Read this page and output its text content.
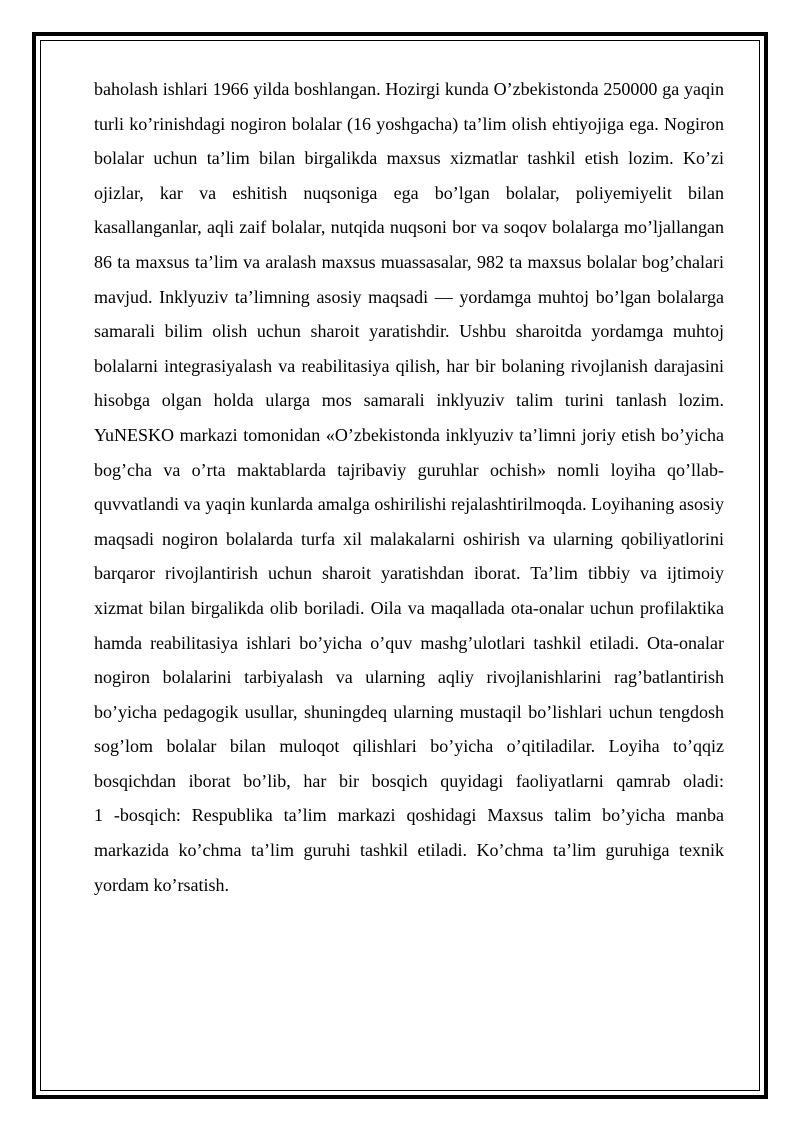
baholash ishlari 1966 yilda boshlangan. Hozirgi kunda O’zbekistonda 250000 ga yaqin turli ko’rinishdagi nogiron bolalar (16 yoshgacha) ta’lim olish ehtiyojiga ega. Nogiron bolalar uchun ta’lim bilan birgalikda maxsus xizmatlar tashkil etish lozim. Ko’zi ojizlar, kar va eshitish nuqsoniga ega bo’lgan bolalar, poliyemiyelit bilan kasallanganlar, aqli zaif bolalar, nutqida nuqsoni bor va soqov bolalarga mo’ljallangan 86 ta maxsus ta’lim va aralash maxsus muassasalar, 982 ta maxsus bolalar bog’chalari mavjud. Inklyuziv ta’limning asosiy maqsadi — yordamga muhtoj bo’lgan bolalarga samarali bilim olish uchun sharoit yaratishdir. Ushbu sharoitda yordamga muhtoj bolalarni integrasiyalash va reabilitasiya qilish, har bir bolaning rivojlanish darajasini hisobga olgan holda ularga mos samarali inklyuziv talim turini tanlash lozim. YuNESKO markazi tomonidan «O’zbekistonda inklyuziv ta’limni joriy etish bo’yicha bog’cha va o’rta maktablarda tajribaviy guruhlar ochish» nomli loyiha qo’llab-quvvatlandi va yaqin kunlarda amalga oshirilishi rejalashtirilmoqda. Loyihaning asosiy maqsadi nogiron bolalarda turfa xil malakalarni oshirish va ularning qobiliyatlorini barqaror rivojlantirish uchun sharoit yaratishdan iborat. Ta’lim tibbiy va ijtimoiy xizmat bilan birgalikda olib boriladi. Oila va maqallada ota-onalar uchun profilaktika hamda reabilitasiya ishlari bo’yicha o’quv mashg’ulotlari tashkil etiladi. Ota-onalar nogiron bolalarini tarbiyalash va ularning aqliy rivojlanishlarini rag’batlantirish bo’yicha pedagogik usullar, shuningdeq ularning mustaqil bo’lishlari uchun tengdosh sog’lom bolalar bilan muloqot qilishlari bo’yicha o’qitiladilar. Loyiha to’qqiz bosqichdan iborat bo’lib, har bir bosqich quyidagi faoliyatlarni qamrab oladi:

1 -bosqich: Respublika ta’lim markazi qoshidagi Maxsus talim bo’yicha manba markazida ko’chma ta’lim guruhi tashkil etiladi. Ko’chma ta’lim guruhiga texnik yordam ko’rsatish.
